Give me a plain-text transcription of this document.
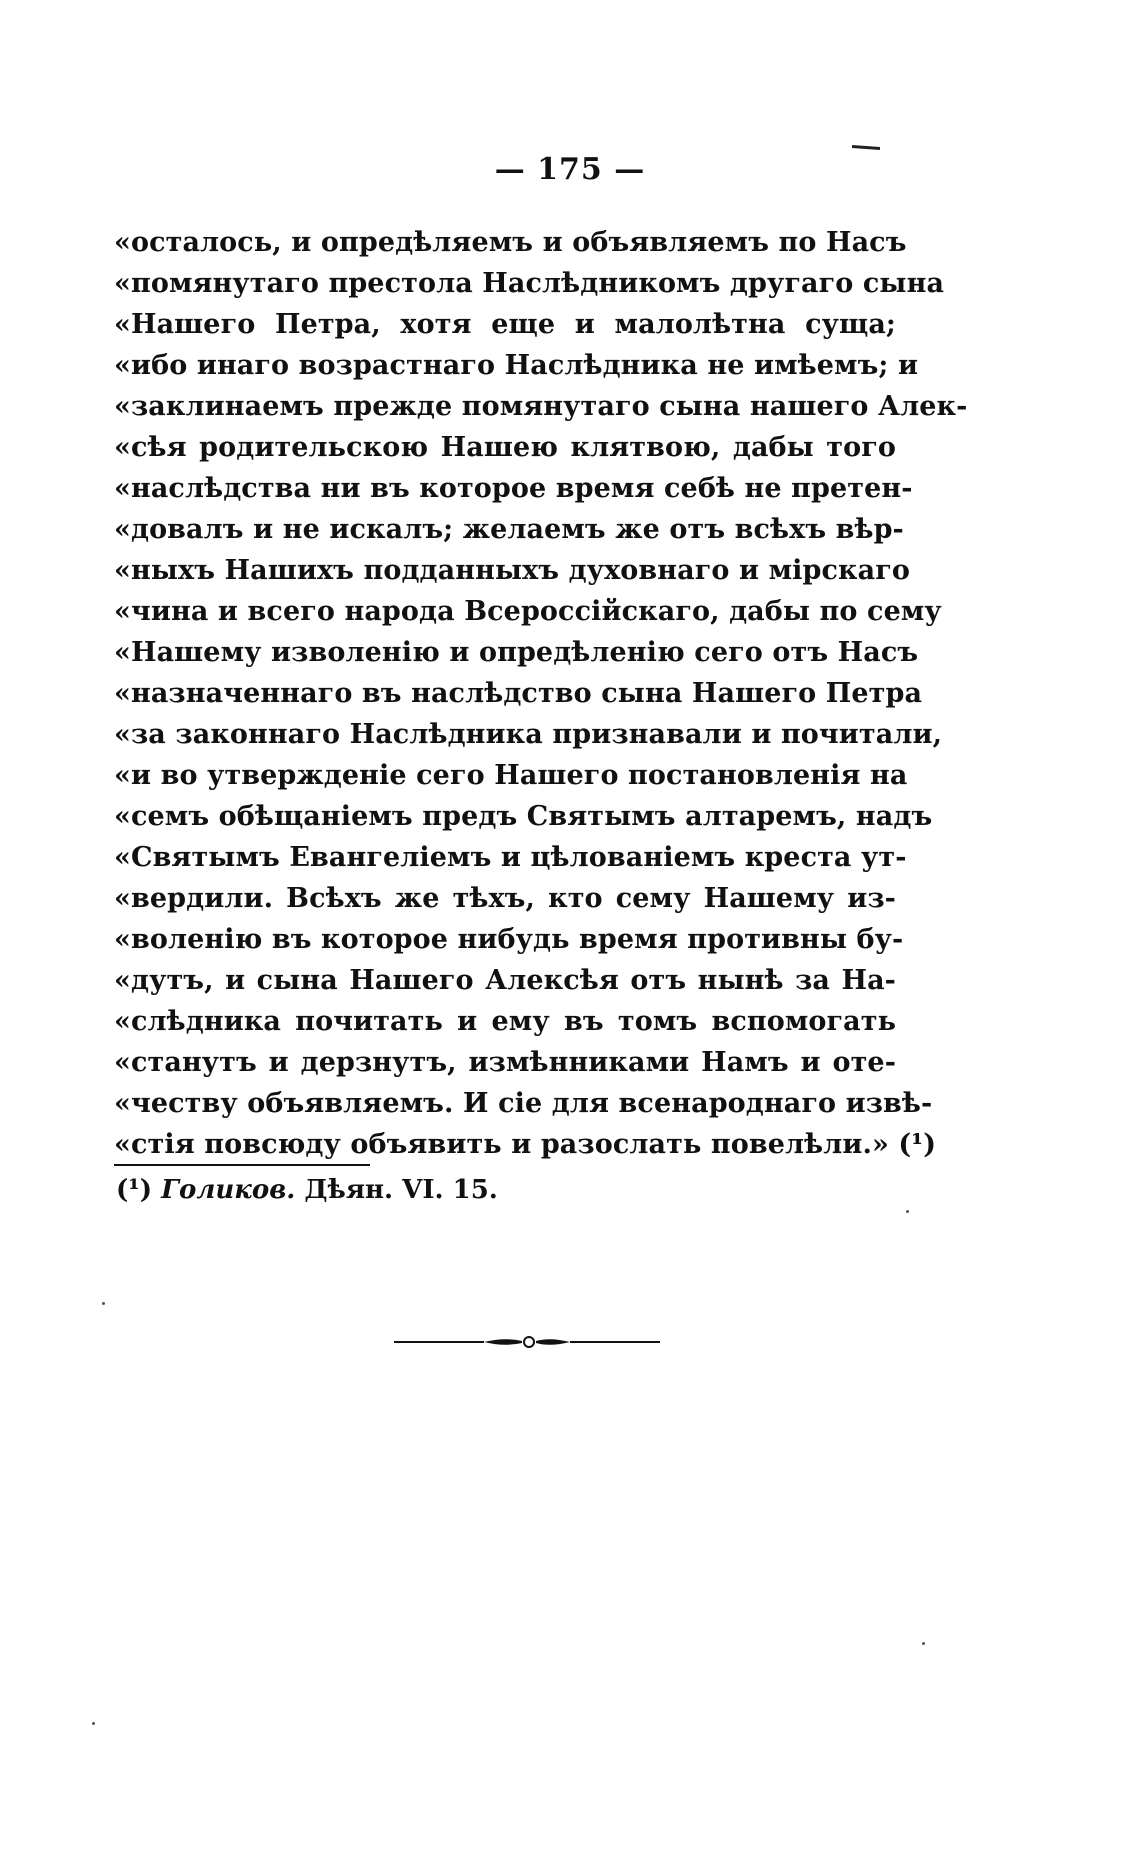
— 175 —
«осталось, и опредѣляемъ и объявляемъ по Насъ
«помянутаго престола Наслѣдникомъ другаго сына
«Нашего Петра, хотя еще и малолѣтна суща;
«ибо инаго возрастнаго Наслѣдника не имѣемъ; и
«заклинаемъ прежде помянутаго сына нашего Алек-
«сѣя родительскою Нашею клятвою, дабы того
«наслѣдства ни въ которое время себѣ не претен-
«довалъ и не искалъ; желаемъ же отъ всѣхъ вѣр-
«ныхъ Нашихъ подданныхъ духовнаго и мірскаго
«чина и всего народа Всероссійскаго, дабы по сему
«Нашему изволенію и опредѣленію сего отъ Насъ
«назначеннаго въ наслѣдство сына Нашего Петра
«за законнаго Наслѣдника признавали и почитали,
«и во утвержденіе сего Нашего постановленія на
«семъ обѣщаніемъ предъ Святымъ алтаремъ, надъ
«Святымъ Евангеліемъ и цѣлованіемъ креста ут-
«вердили. Всѣхъ же тѣхъ, кто сему Нашему из-
«воленію въ которое нибудь время противны бу-
«дутъ, и сына Нашего Алексѣя отъ нынѣ за На-
«слѣдника почитать и ему въ томъ вспомогать
«станутъ и дерзнутъ, измѣнниками Намъ и оте-
«честву объявляемъ. И сіе для всенароднаго извѣ-
«стія повсюду объявить и разослать повелѣли.» (¹)
(¹) Голиков. Дѣян. VI. 15.
